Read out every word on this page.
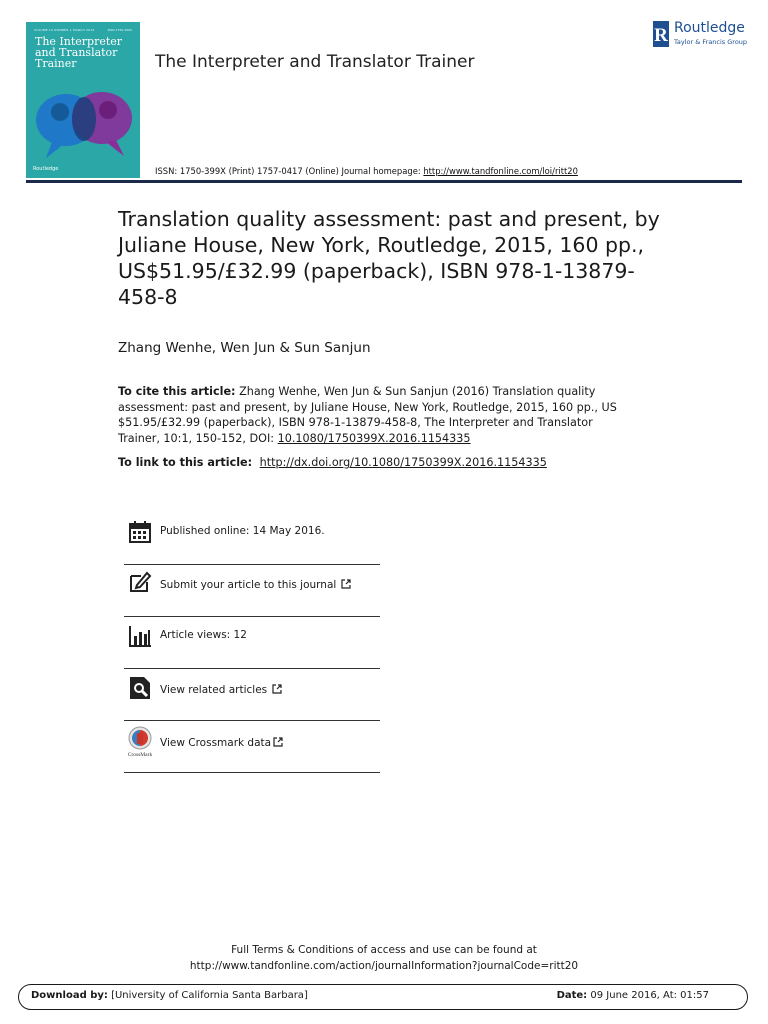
VOLUME 10 NUMBER 1 MARCH 2016	ISSN 1750-399X
The Interpreter
and Translator
Trainer
Routledge
The Interpreter and Translator Trainer
R Routledge
Taylor & Francis Group
ISSN: 1750-399X (Print) 1757-0417 (Online) Journal homepage: http://www.tandfonline.com/loi/ritt20
Translation quality assessment: past and present, by Juliane House, New York, Routledge, 2015, 160 pp., US$51.95/£32.99 (paperback), ISBN 978-1-13879-458-8
Zhang Wenhe, Wen Jun & Sun Sanjun
To cite this article: Zhang Wenhe, Wen Jun & Sun Sanjun (2016) Translation quality assessment: past and present, by Juliane House, New York, Routledge, 2015, 160 pp., US $51.95/£32.99 (paperback), ISBN 978-1-13879-458-8, The Interpreter and Translator Trainer, 10:1, 150-152, DOI: 10.1080/1750399X.2016.1154335
To link to this article: http://dx.doi.org/10.1080/1750399X.2016.1154335
Published online: 14 May 2016.
Submit your article to this journal
Article views: 12
View related articles
CrossMark
View Crossmark data
Full Terms & Conditions of access and use can be found at
http://www.tandfonline.com/action/journalInformation?journalCode=ritt20
Download by: [University of California Santa Barbara]	Date: 09 June 2016, At: 01:57
